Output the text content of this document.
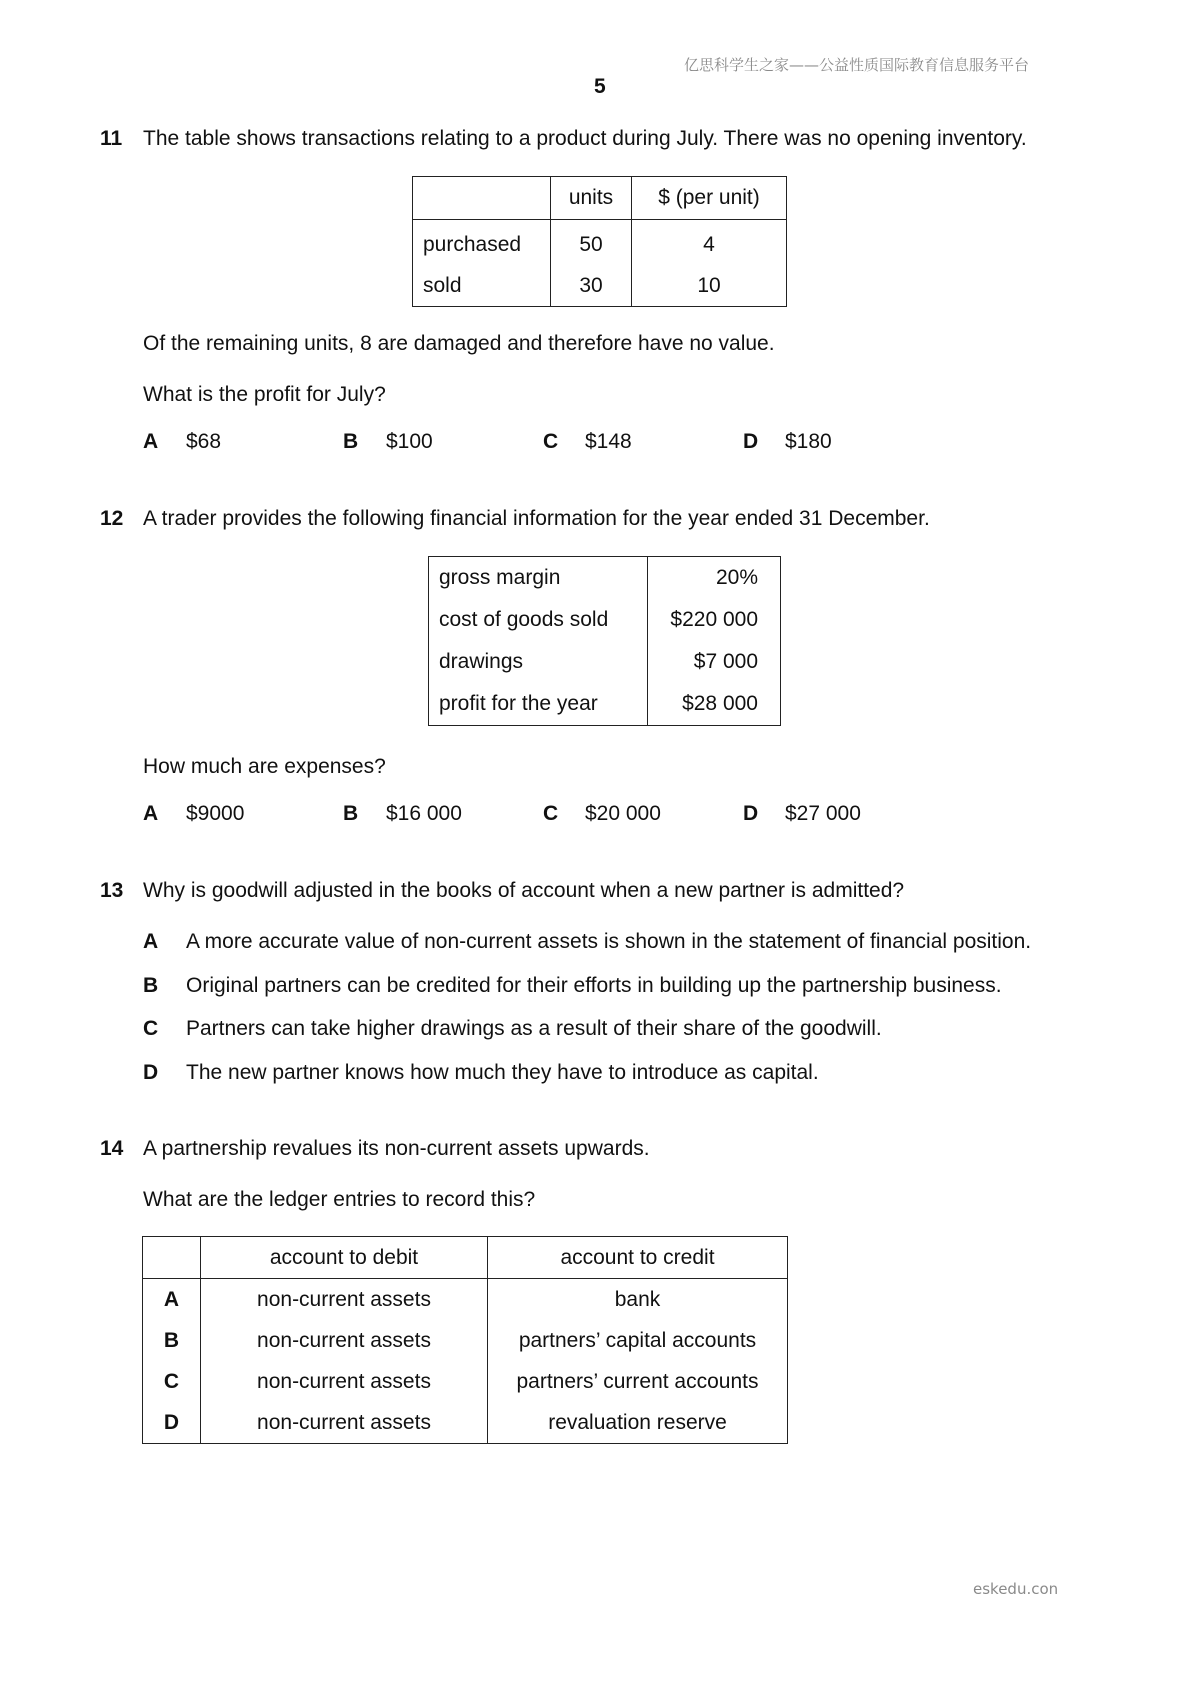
亿思科学生之家——公益性质国际教育信息服务平台
5
11 The table shows transactions relating to a product during July. There was no opening inventory.
	units	$ (per unit)
purchased	50	4
sold	30	10
Of the remaining units, 8 are damaged and therefore have no value.
What is the profit for July?
A $68	B $100	C $148	D $180
12 A trader provides the following financial information for the year ended 31 December.
gross margin	20%
cost of goods sold	$220 000
drawings	$7 000
profit for the year	$28 000
How much are expenses?
A $9000	B $16 000	C $20 000	D $27 000
13 Why is goodwill adjusted in the books of account when a new partner is admitted?
A A more accurate value of non-current assets is shown in the statement of financial position.
B Original partners can be credited for their efforts in building up the partnership business.
C Partners can take higher drawings as a result of their share of the goodwill.
D The new partner knows how much they have to introduce as capital.
14 A partnership revalues its non-current assets upwards.
What are the ledger entries to record this?
	account to debit	account to credit
A	non-current assets	bank
B	non-current assets	partners’ capital accounts
C	non-current assets	partners’ current accounts
D	non-current assets	revaluation reserve
eskedu.con
